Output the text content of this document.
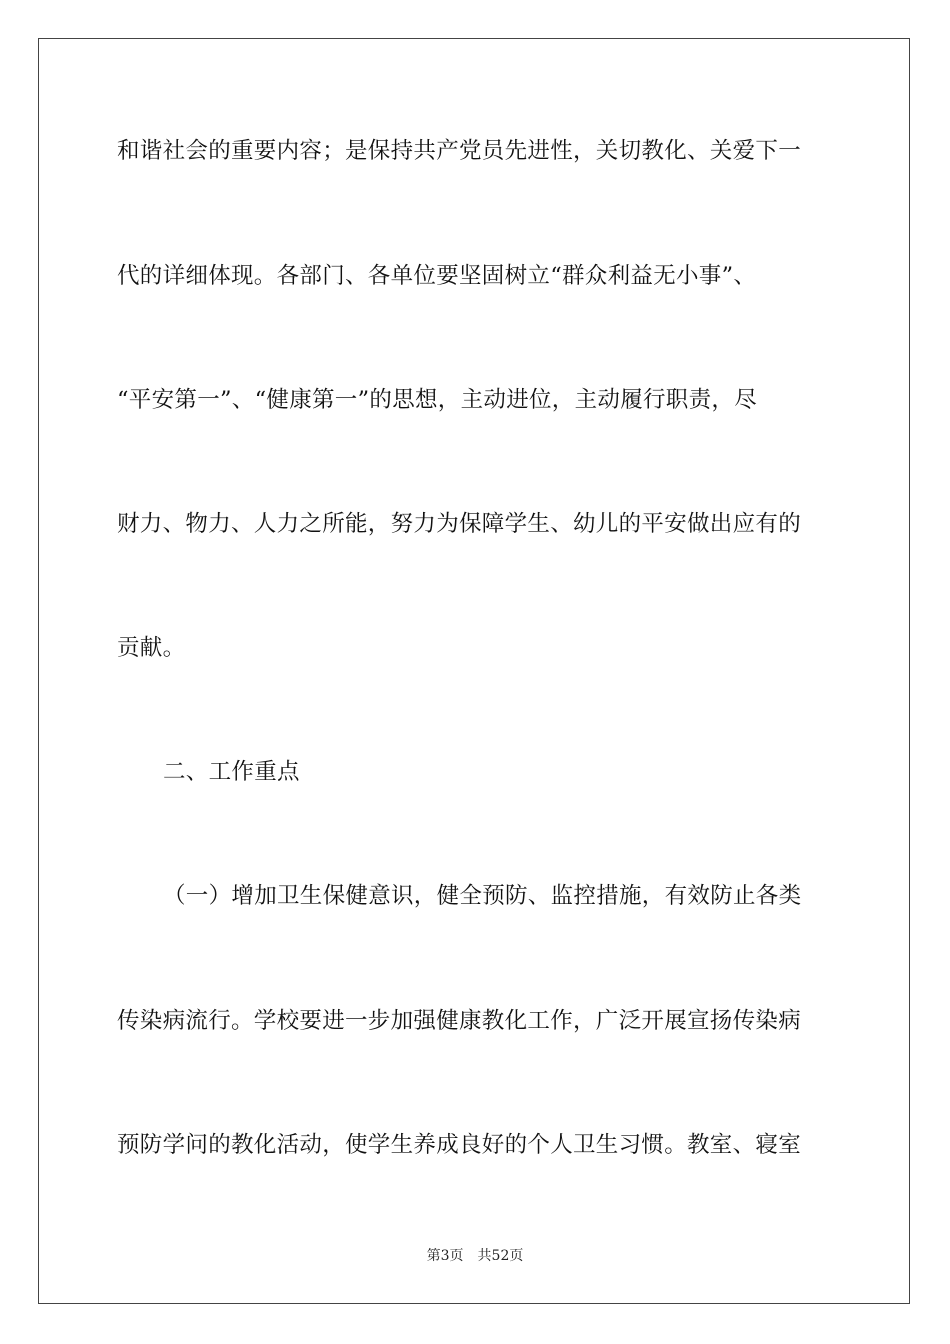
和谐社会的重要内容；是保持共产党员先进性，关切教化、关爱下一
代的详细体现。各部门、各单位要坚固树立“群众利益无小事”、
“平安第一”、“健康第一”的思想，主动进位，主动履行职责，尽
财力、物力、人力之所能，努力为保障学生、幼儿的平安做出应有的
贡献。
二、工作重点
（一）增加卫生保健意识，健全预防、监控措施，有效防止各类
传染病流行。学校要进一步加强健康教化工作，广泛开展宣扬传染病
预防学问的教化活动，使学生养成良好的个人卫生习惯。教室、寝室
第3页 共52页
